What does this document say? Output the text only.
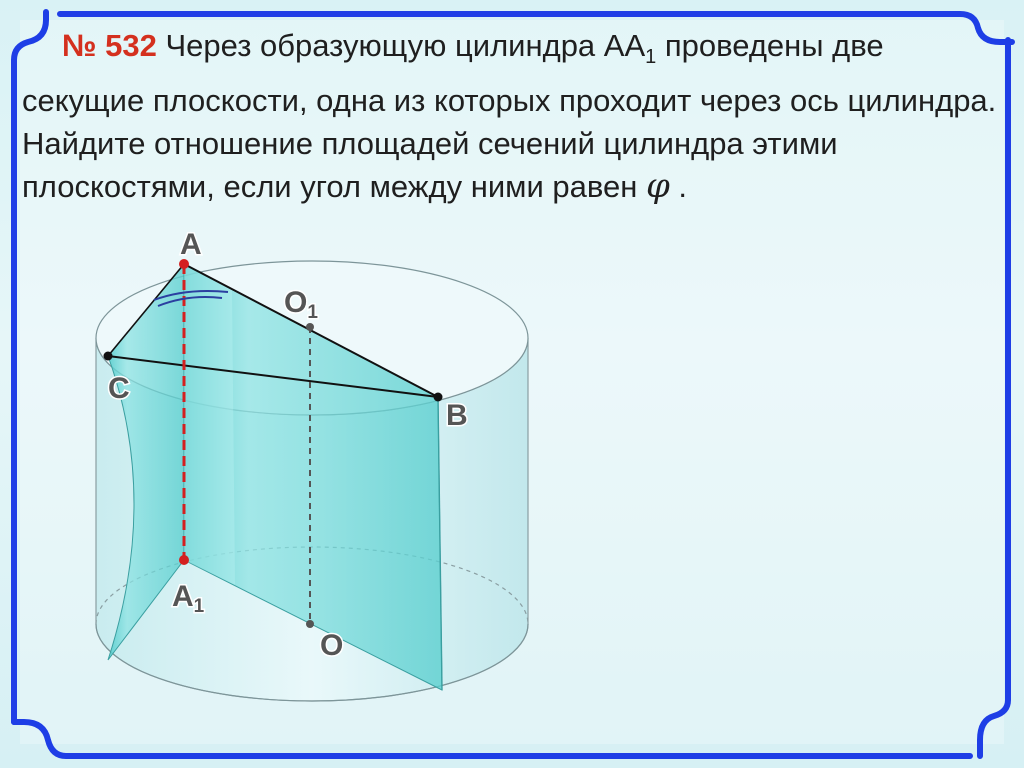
№ 532 Через образующую цилиндра $АА_1$ проведены две секущие плоскости, одна из которых проходит через ось цилиндра. Найдите отношение площадей сечений цилиндра этими плоскостями, если угол между ними равен φ .

A
$O_1$
C
B
$A_1$
O
